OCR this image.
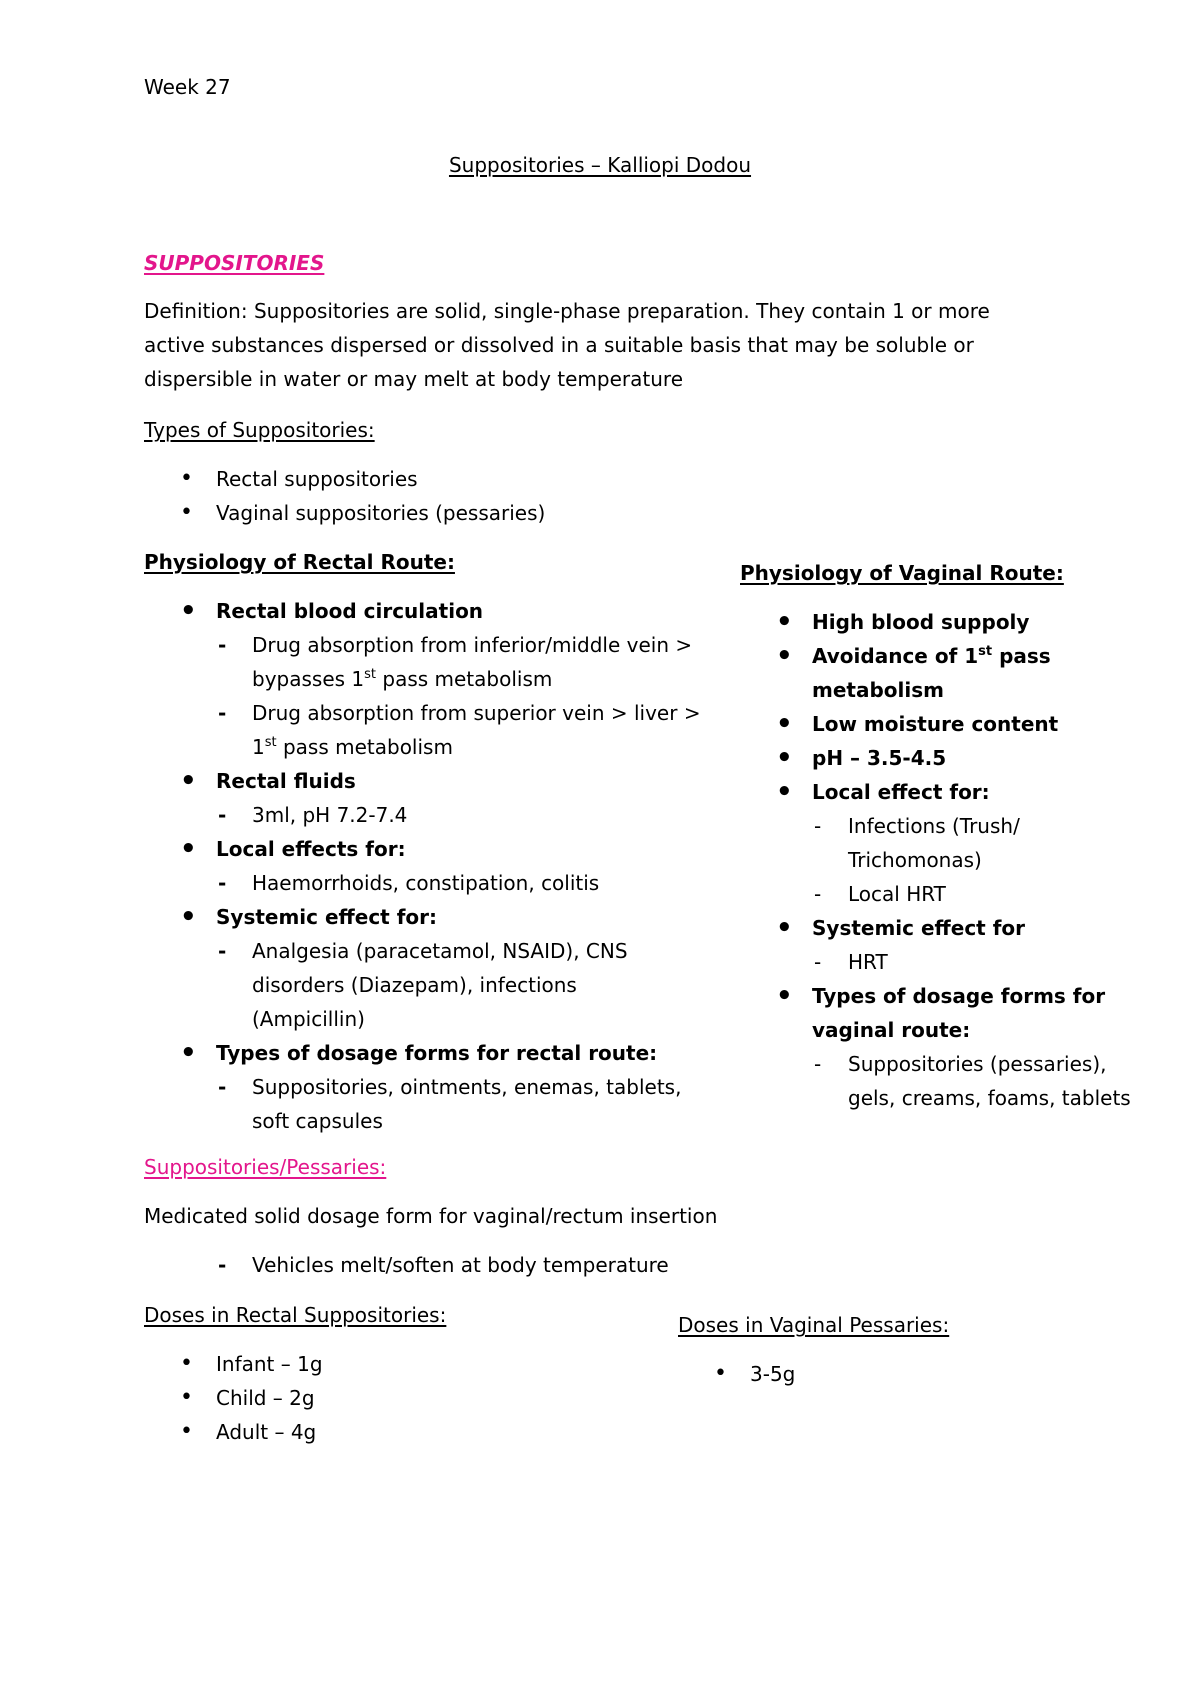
Week 27
Suppositories – Kalliopi Dodou
SUPPOSITORIES

Definition: Suppositories are solid, single-phase preparation. They contain 1 or more

active substances dispersed or dissolved in a suitable basis that may be soluble or

dispersible in water or may melt at body temperature

Types of Suppositories:
• Rectal suppositories
• Vaginal suppositories (pessaries)
Physiology of Rectal Route:
• Rectal blood circulation
- Drug absorption from inferior/middle vein >
bypasses 1st pass metabolism
- Drug absorption from superior vein > liver >
1st pass metabolism
• Rectal fluids
- 3ml, pH 7.2-7.4
• Local effects for:
- Haemorrhoids, constipation, colitis
• Systemic effect for:
- Analgesia (paracetamol, NSAID), CNS
disorders (Diazepam), infections
(Ampicillin)
• Types of dosage forms for rectal route:
- Suppositories, ointments, enemas, tablets,
soft capsules
Physiology of Vaginal Route:
• High blood suppoly
• Avoidance of 1st pass
metabolism
• Low moisture content
• pH – 3.5-4.5
• Local effect for:
- Infections (Trush/
Trichomonas)
- Local HRT
• Systemic effect for
- HRT
• Types of dosage forms for
vaginal route:
- Suppositories (pessaries),
gels, creams, foams, tablets
Suppositories/Pessaries:
Medicated solid dosage form for vaginal/rectum insertion
- Vehicles melt/soften at body temperature
Doses in Rectal Suppositories:
• Infant – 1g
• Child – 2g
• Adult – 4g
Doses in Vaginal Pessaries:
• 3-5g
